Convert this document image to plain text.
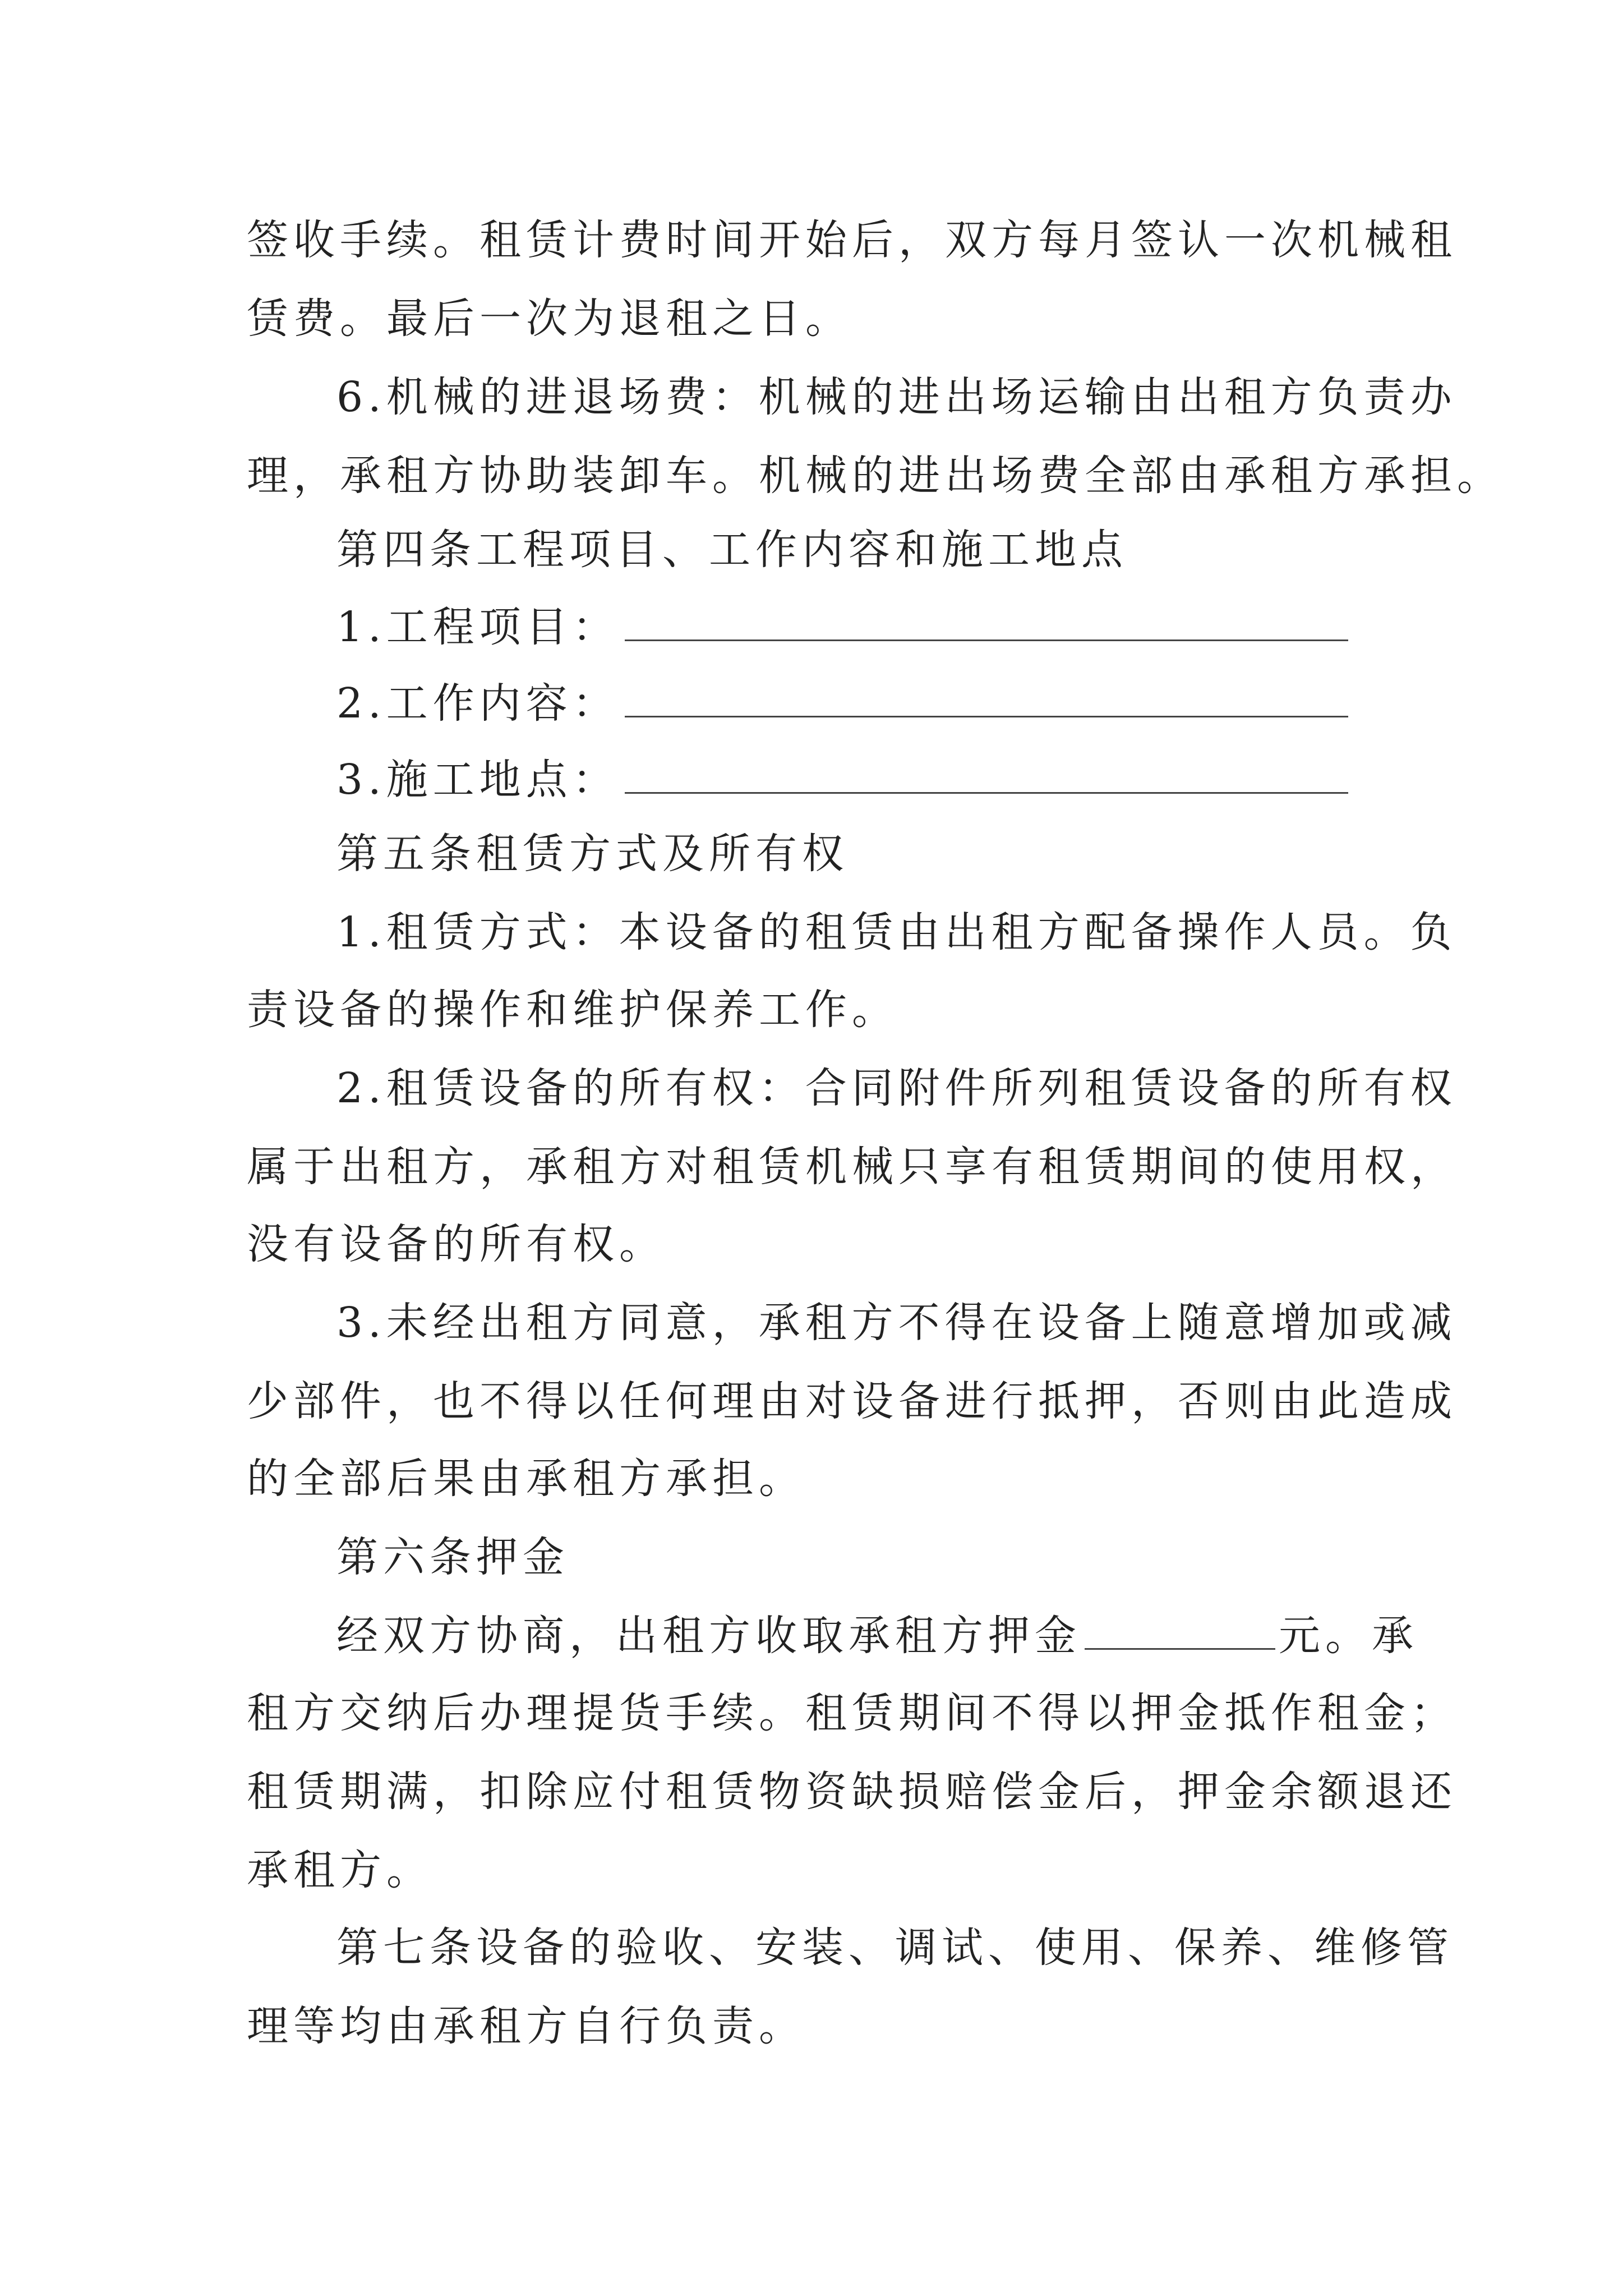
签收手续。租赁计费时间开始后，双方每月签认一次机械租
赁费。最后一次为退租之日。
6.机械的进退场费：机械的进出场运输由出租方负责办
理，承租方协助装卸车。机械的进出场费全部由承租方承担。
第四条工程项目、工作内容和施工地点
1.工程项目：
2.工作内容：
3.施工地点：
第五条租赁方式及所有权
1.租赁方式：本设备的租赁由出租方配备操作人员。负
责设备的操作和维护保养工作。
2.租赁设备的所有权：合同附件所列租赁设备的所有权
属于出租方，承租方对租赁机械只享有租赁期间的使用权，
没有设备的所有权。
3.未经出租方同意，承租方不得在设备上随意增加或减
少部件，也不得以任何理由对设备进行抵押，否则由此造成
的全部后果由承租方承担。
第六条押金
经双方协商，出租方收取承租方押金	元。承
租方交纳后办理提货手续。租赁期间不得以押金抵作租金；
租赁期满，扣除应付租赁物资缺损赔偿金后，押金余额退还
承租方。
第七条设备的验收、安装、调试、使用、保养、维修管
理等均由承租方自行负责。
